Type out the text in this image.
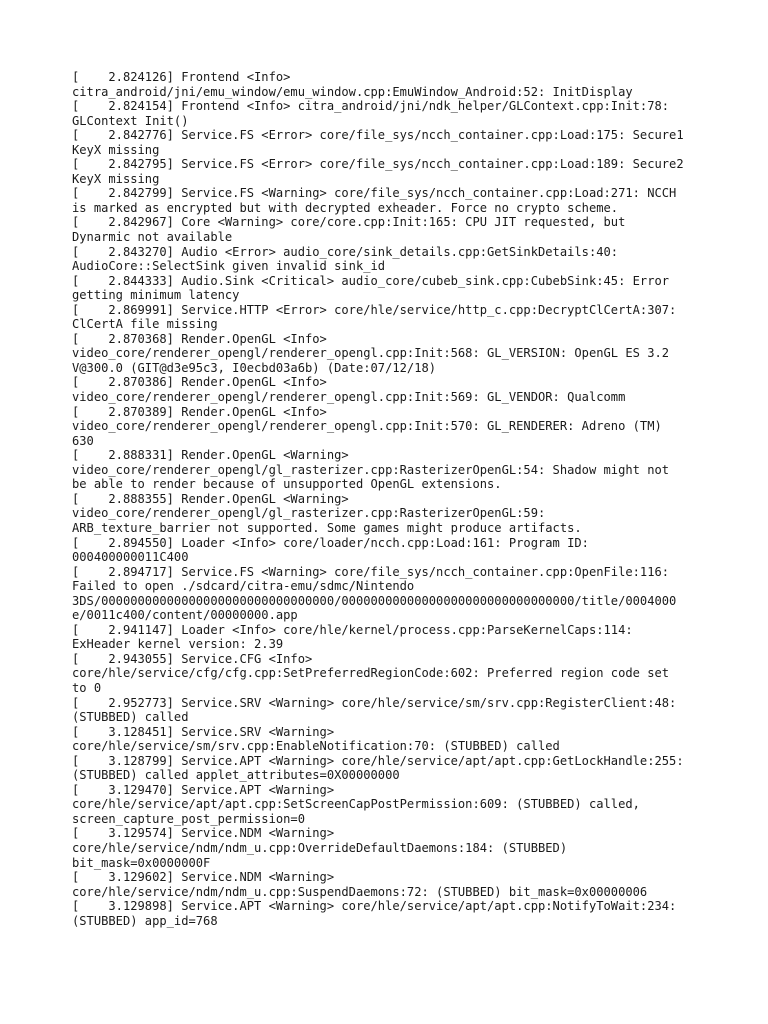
[    2.824126] Frontend <Info>
citra_android/jni/emu_window/emu_window.cpp:EmuWindow_Android:52: InitDisplay
[    2.824154] Frontend <Info> citra_android/jni/ndk_helper/GLContext.cpp:Init:78:
GLContext Init()
[    2.842776] Service.FS <Error> core/file_sys/ncch_container.cpp:Load:175: Secure1
KeyX missing
[    2.842795] Service.FS <Error> core/file_sys/ncch_container.cpp:Load:189: Secure2
KeyX missing
[    2.842799] Service.FS <Warning> core/file_sys/ncch_container.cpp:Load:271: NCCH
is marked as encrypted but with decrypted exheader. Force no crypto scheme.
[    2.842967] Core <Warning> core/core.cpp:Init:165: CPU JIT requested, but
Dynarmic not available
[    2.843270] Audio <Error> audio_core/sink_details.cpp:GetSinkDetails:40:
AudioCore::SelectSink given invalid sink_id
[    2.844333] Audio.Sink <Critical> audio_core/cubeb_sink.cpp:CubebSink:45: Error
getting minimum latency
[    2.869991] Service.HTTP <Error> core/hle/service/http_c.cpp:DecryptClCertA:307:
ClCertA file missing
[    2.870368] Render.OpenGL <Info>
video_core/renderer_opengl/renderer_opengl.cpp:Init:568: GL_VERSION: OpenGL ES 3.2
V@300.0 (GIT@d3e95c3, I0ecbd03a6b) (Date:07/12/18)
[    2.870386] Render.OpenGL <Info>
video_core/renderer_opengl/renderer_opengl.cpp:Init:569: GL_VENDOR: Qualcomm
[    2.870389] Render.OpenGL <Info>
video_core/renderer_opengl/renderer_opengl.cpp:Init:570: GL_RENDERER: Adreno (TM)
630
[    2.888331] Render.OpenGL <Warning>
video_core/renderer_opengl/gl_rasterizer.cpp:RasterizerOpenGL:54: Shadow might not
be able to render because of unsupported OpenGL extensions.
[    2.888355] Render.OpenGL <Warning>
video_core/renderer_opengl/gl_rasterizer.cpp:RasterizerOpenGL:59:
ARB_texture_barrier not supported. Some games might produce artifacts.
[    2.894550] Loader <Info> core/loader/ncch.cpp:Load:161: Program ID:
000400000011C400
[    2.894717] Service.FS <Warning> core/file_sys/ncch_container.cpp:OpenFile:116:
Failed to open ./sdcard/citra-emu/sdmc/Nintendo
3DS/00000000000000000000000000000000/00000000000000000000000000000000/title/0004000
e/0011c400/content/00000000.app
[    2.941147] Loader <Info> core/hle/kernel/process.cpp:ParseKernelCaps:114:
ExHeader kernel version: 2.39
[    2.943055] Service.CFG <Info>
core/hle/service/cfg/cfg.cpp:SetPreferredRegionCode:602: Preferred region code set
to 0
[    2.952773] Service.SRV <Warning> core/hle/service/sm/srv.cpp:RegisterClient:48:
(STUBBED) called
[    3.128451] Service.SRV <Warning>
core/hle/service/sm/srv.cpp:EnableNotification:70: (STUBBED) called
[    3.128799] Service.APT <Warning> core/hle/service/apt/apt.cpp:GetLockHandle:255:
(STUBBED) called applet_attributes=0X00000000
[    3.129470] Service.APT <Warning>
core/hle/service/apt/apt.cpp:SetScreenCapPostPermission:609: (STUBBED) called,
screen_capture_post_permission=0
[    3.129574] Service.NDM <Warning>
core/hle/service/ndm/ndm_u.cpp:OverrideDefaultDaemons:184: (STUBBED)
bit_mask=0x0000000F
[    3.129602] Service.NDM <Warning>
core/hle/service/ndm/ndm_u.cpp:SuspendDaemons:72: (STUBBED) bit_mask=0x00000006
[    3.129898] Service.APT <Warning> core/hle/service/apt/apt.cpp:NotifyToWait:234:
(STUBBED) app_id=768
